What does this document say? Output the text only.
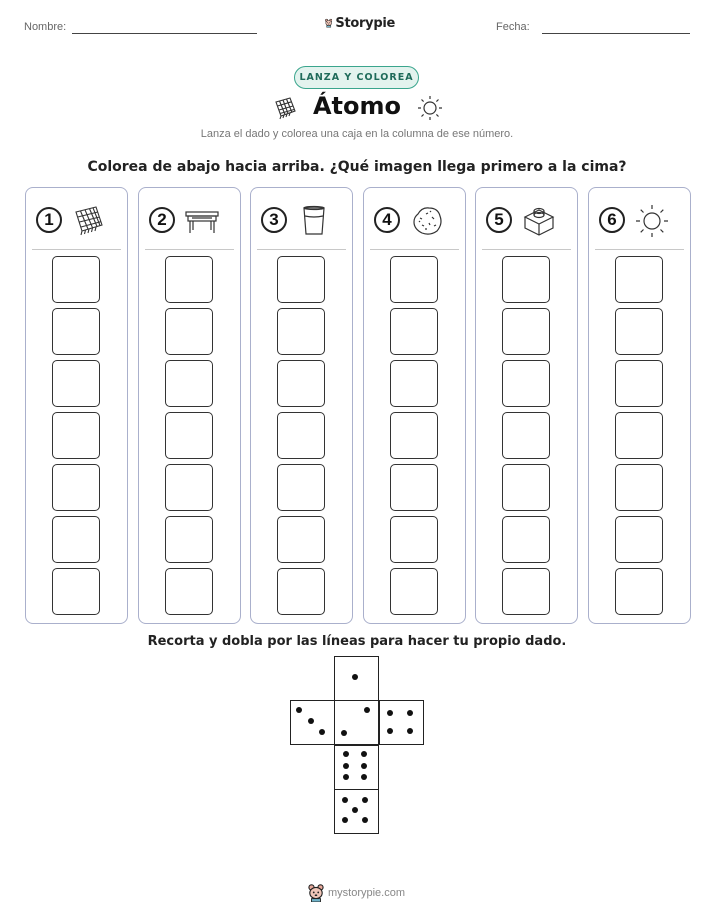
Nombre:	Storypie	Fecha:
LANZA Y COLOREA
Átomo
Lanza el dado y colorea una caja en la columna de ese número.
Colorea de abajo hacia arriba. ¿Qué imagen llega primero a la cima?
1	2	3	4	5	6
Recorta y dobla por las líneas para hacer tu propio dado.
mystorypie.com
